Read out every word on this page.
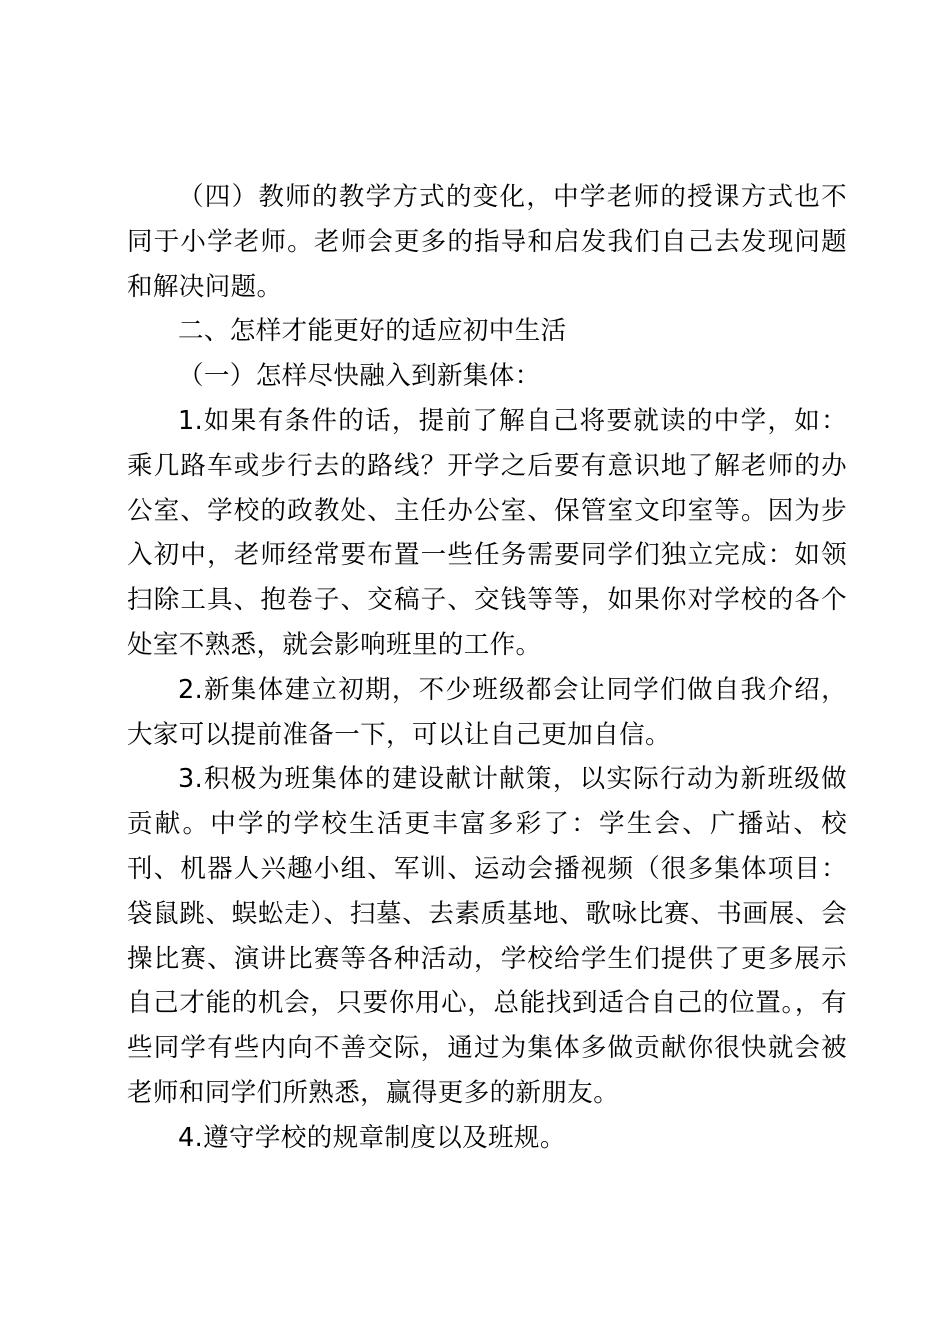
（四）教师的教学方式的变化，中学老师的授课方式也不同于小学老师。老师会更多的指导和启发我们自己去发现问题和解决问题。

二、怎样才能更好的适应初中生活

（一）怎样尽快融入到新集体：

1.如果有条件的话，提前了解自己将要就读的中学，如：乘几路车或步行去的路线？开学之后要有意识地了解老师的办公室、学校的政教处、主任办公室、保管室文印室等。因为步入初中，老师经常要布置一些任务需要同学们独立完成：如领扫除工具、抱卷子、交稿子、交钱等等，如果你对学校的各个处室不熟悉，就会影响班里的工作。

2.新集体建立初期，不少班级都会让同学们做自我介绍，大家可以提前准备一下，可以让自己更加自信。

3.积极为班集体的建设献计献策，以实际行动为新班级做贡献。中学的学校生活更丰富多彩了：学生会、广播站、校刊、机器人兴趣小组、军训、运动会播视频（很多集体项目：袋鼠跳、蜈蚣走）、扫墓、去素质基地、歌咏比赛、书画展、会操比赛、演讲比赛等各种活动，学校给学生们提供了更多展示自己才能的机会，只要你用心，总能找到适合自己的位置。，有些同学有些内向不善交际，通过为集体多做贡献你很快就会被老师和同学们所熟悉，赢得更多的新朋友。

4.遵守学校的规章制度以及班规。
